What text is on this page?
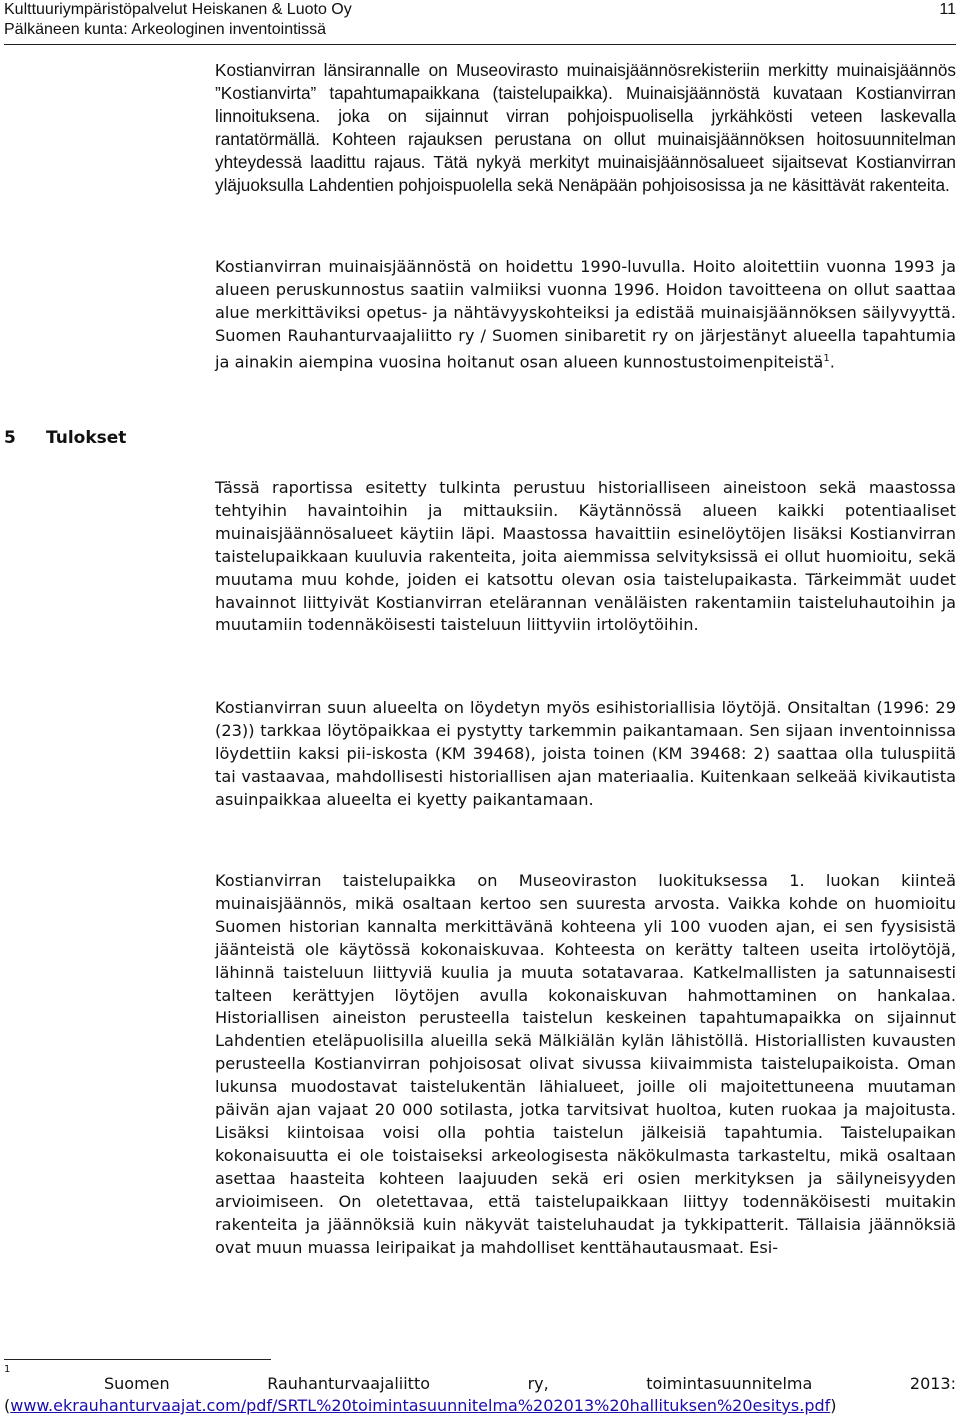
Kulttuuriympäristöpalvelut Heiskanen & Luoto Oy
Pälkäneen kunta: Arkeologinen inventointissä
11

Kostianvirran länsirannalle on Museovirasto muinaisjäännösrekisteriin merkitty muinaisjäännös ”Kostianvirta” tapahtumapaikkana (taistelupaikka). Muinaisjäännöstä kuvataan Kostianvirran linnoituksena. joka on sijainnut virran pohjoispuolisella jyrkähkösti veteen laskevalla rantatörmällä. Kohteen rajauksen perustana on ollut muinaisjäännöksen hoitosuunnitelman yhteydessä laadittu rajaus. Tätä nykyä merkityt muinaisjäännösalueet sijaitsevat Kostianvirran yläjuoksulla Lahdentien pohjoispuolella sekä Nenäpään pohjoisosissa ja ne käsittävät rakenteita.

Kostianvirran muinaisjäännöstä on hoidettu 1990-luvulla. Hoito aloitettiin vuonna 1993 ja alueen peruskunnostus saatiin valmiiksi vuonna 1996. Hoidon tavoitteena on ollut saattaa alue merkittäviksi opetus- ja nähtävyyskohteiksi ja edistää muinaisjäännöksen säilyvyyttä. Suomen Rauhanturvaajaliitto ry / Suomen sinibaretit ry on järjestänyt alueella tapahtumia ja ainakin aiempina vuosina hoitanut osan alueen kunnostustoimenpiteistä$^1$.

5 Tulokset

Tässä raportissa esitetty tulkinta perustuu historialliseen aineistoon sekä maastossa tehtyihin havaintoihin ja mittauksiin. Käytännössä alueen kaikki potentiaaliset muinaisjäännösalueet käytiin läpi. Maastossa havaittiin esinelöytöjen lisäksi Kostianvirran taistelupaikkaan kuuluvia rakenteita, joita aiemmissa selvityksissä ei ollut huomioitu, sekä muutama muu kohde, joiden ei katsottu olevan osia taistelupaikasta. Tärkeimmät uudet havainnot liittyivät Kostianvirran etelärannan venäläisten rakentamiin taisteluhautoihin ja muutamiin todennäköisesti taisteluun liittyviin irtolöytöihin.

Kostianvirran suun alueelta on löydetyn myös esihistoriallisia löytöjä. Onsitaltan (1996: 29 (23)) tarkkaa löytöpaikkaa ei pystytty tarkemmin paikantamaan. Sen sijaan inventoinnissa löydettiin kaksi pii-iskosta (KM 39468), joista toinen (KM 39468: 2) saattaa olla tuluspiitä tai vastaavaa, mahdollisesti historiallisen ajan materiaalia. Kuitenkaan selkeää kivikautista asuinpaikkaa alueelta ei kyetty paikantamaan.

Kostianvirran taistelupaikka on Museoviraston luokituksessa 1. luokan kiinteä muinaisjäännös, mikä osaltaan kertoo sen suuresta arvosta. Vaikka kohde on huomioitu Suomen historian kannalta merkittävänä kohteena yli 100 vuoden ajan, ei sen fyysisistä jäänteistä ole käytössä kokonaiskuvaa. Kohteesta on kerätty talteen useita irtolöytöjä, lähinnä taisteluun liittyviä kuulia ja muuta sotatavaraa. Katkelmallisten ja satunnaisesti talteen kerättyjen löytöjen avulla kokonaiskuvan hahmottaminen on hankalaa. Historiallisen aineiston perusteella taistelun keskeinen tapahtumapaikka on sijainnut Lahdentien eteläpuolisilla alueilla sekä Mälkiälän kylän lähistöllä. Historiallisten kuvausten perusteella Kostianvirran pohjoisosat olivat sivussa kiivaimmista taistelupaikoista. Oman lukunsa muodostavat taistelukentän lähialueet, joille oli majoitettuneena muutaman päivän ajan vajaat 20 000 sotilasta, jotka tarvitsivat huoltoa, kuten ruokaa ja majoitusta. Lisäksi kiintoisaa voisi olla pohtia taistelun jälkeisiä tapahtumia. Taistelupaikan kokonaisuutta ei ole toistaiseksi arkeologisesta näkökulmasta tarkasteltu, mikä osaltaan asettaa haasteita kohteen laajuuden sekä eri osien merkityksen ja säilyneisyyden arvioimiseen. On oletettavaa, että taistelupaikkaan liittyy todennäköisesti muitakin rakenteita ja jäännöksiä kuin näkyvät taisteluhaudat ja tykkipatterit. Tällaisia jäännöksiä ovat muun muassa leiripaikat ja mahdolliset kenttähautausmaat. Esi-

1
Suomen Rauhanturvaajaliitto ry, toimintasuunnitelma 2013:
(www.ekrauhanturvaajat.com/pdf/SRTL%20toimintasuunnitelma%202013%20hallituksen%20esitys.pdf)
